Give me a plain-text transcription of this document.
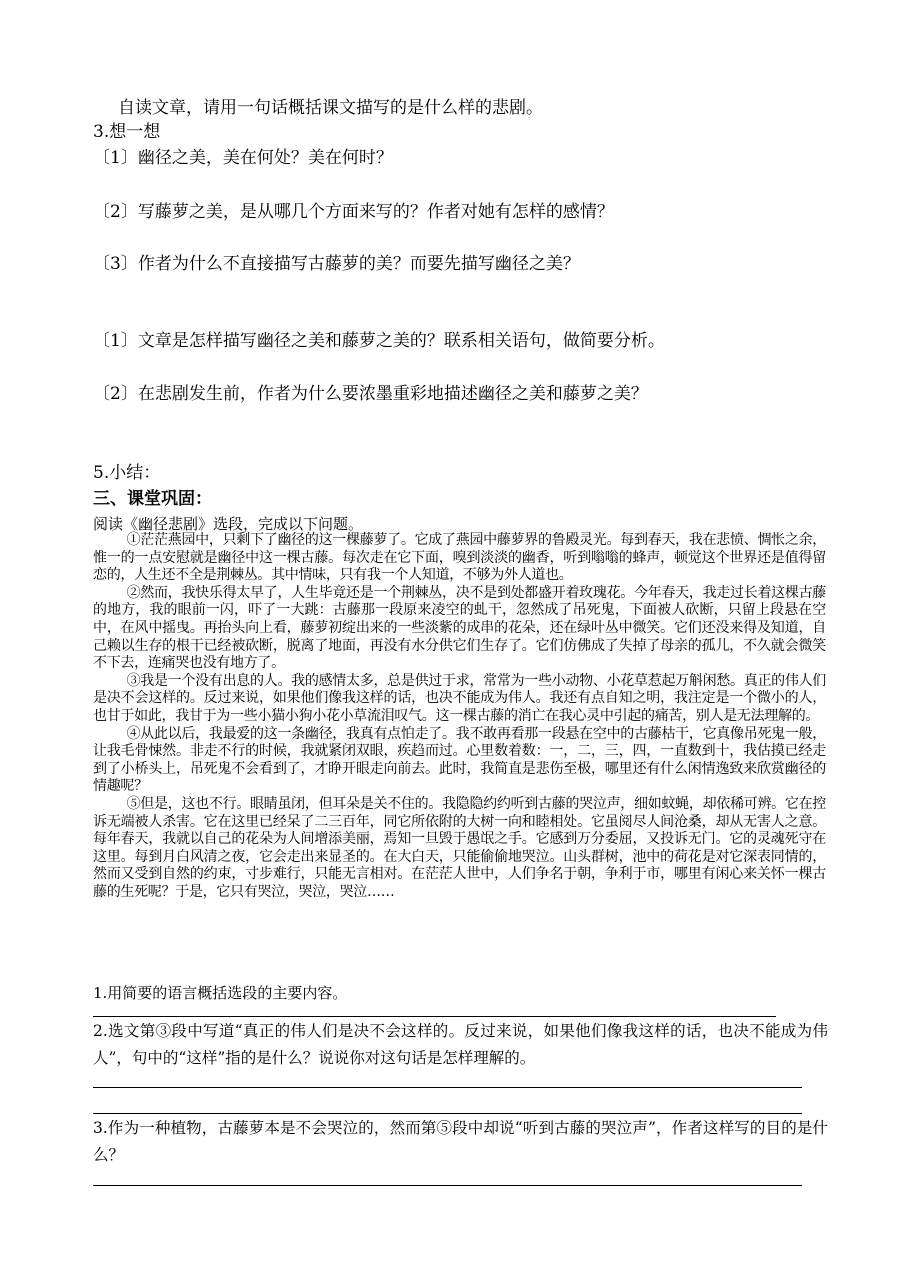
自读文章，请用一句话概括课文描写的是什么样的悲剧。
3.想一想
〔1〕幽径之美，美在何处？美在何时？
〔2〕写藤萝之美，是从哪几个方面来写的？作者对她有怎样的感情？
〔3〕作者为什么不直接描写古藤萝的美？而要先描写幽径之美？
〔1〕文章是怎样描写幽径之美和藤萝之美的？联系相关语句，做简要分析。
〔2〕在悲剧发生前，作者为什么要浓墨重彩地描述幽径之美和藤萝之美？
5.小结：
三、课堂巩固：
阅读《幽径悲剧》选段，完成以下问题。

①茫茫燕园中，只剩下了幽径的这一棵藤萝了。它成了燕园中藤萝界的鲁殿灵光。每到春天，我在悲愤、惆怅之余，惟一的一点安慰就是幽径中这一棵古藤。每次走在它下面，嗅到淡淡的幽香，听到嗡嗡的蜂声，顿觉这个世界还是值得留恋的，人生还不全是荆棘丛。其中情味，只有我一个人知道，不够为外人道也。

②然而，我快乐得太早了，人生毕竟还是一个荆棘丛，决不是到处都盛开着玫瑰花。今年春天，我走过长着这棵古藤的地方，我的眼前一闪，吓了一大跳：古藤那一段原来凌空的虬干，忽然成了吊死鬼，下面被人砍断，只留上段悬在空中，在风中摇曳。再抬头向上看，藤萝初绽出来的一些淡紫的成串的花朵，还在绿叶丛中微笑。它们还没来得及知道，自己赖以生存的根干已经被砍断，脱离了地面，再没有水分供它们生存了。它们仿佛成了失掉了母亲的孤儿，不久就会微笑不下去，连痛哭也没有地方了。

③我是一个没有出息的人。我的感情太多，总是供过于求，常常为一些小动物、小花草惹起万斛闲愁。真正的伟人们是决不会这样的。反过来说，如果他们像我这样的话，也决不能成为伟人。我还有点自知之明，我注定是一个微小的人，也甘于如此，我甘于为一些小猫小狗小花小草流泪叹气。这一棵古藤的消亡在我心灵中引起的痛苦，别人是无法理解的。

④从此以后，我最爱的这一条幽径，我真有点怕走了。我不敢再看那一段悬在空中的古藤枯干，它真像吊死鬼一般，让我毛骨悚然。非走不行的时候，我就紧闭双眼，疾趋而过。心里数着数：一，二，三，四，一直数到十，我估摸已经走到了小桥头上，吊死鬼不会看到了，才睁开眼走向前去。此时，我简直是悲伤至极，哪里还有什么闲情逸致来欣赏幽径的情趣呢？

⑤但是，这也不行。眼睛虽闭，但耳朵是关不住的。我隐隐约约听到古藤的哭泣声，细如蚊蝇，却依稀可辨。它在控诉无端被人杀害。它在这里已经呆了二三百年，同它所依附的大树一向和睦相处。它虽阅尽人间沧桑，却从无害人之意。每年春天，我就以自己的花朵为人间增添美丽，焉知一旦毁于愚氓之手。它感到万分委屈，又投诉无门。它的灵魂死守在这里。每到月白风清之夜，它会走出来显圣的。在大白天，只能偷偷地哭泣。山头群树，池中的荷花是对它深表同情的，然而又受到自然的约束，寸步难行，只能无言相对。在茫茫人世中，人们争名于朝，争利于市，哪里有闲心来关怀一棵古藤的生死呢？于是，它只有哭泣，哭泣，哭泣……

1.用简要的语言概括选段的主要内容。
2.选文第③段中写道“真正的伟人们是决不会这样的。反过来说，如果他们像我这样的话，也决不能成为伟人”，句中的“这样”指的是什么？说说你对这句话是怎样理解的。
3.作为一种植物，古藤萝本是不会哭泣的，然而第⑤段中却说“听到古藤的哭泣声”，作者这样写的目的是什么？
